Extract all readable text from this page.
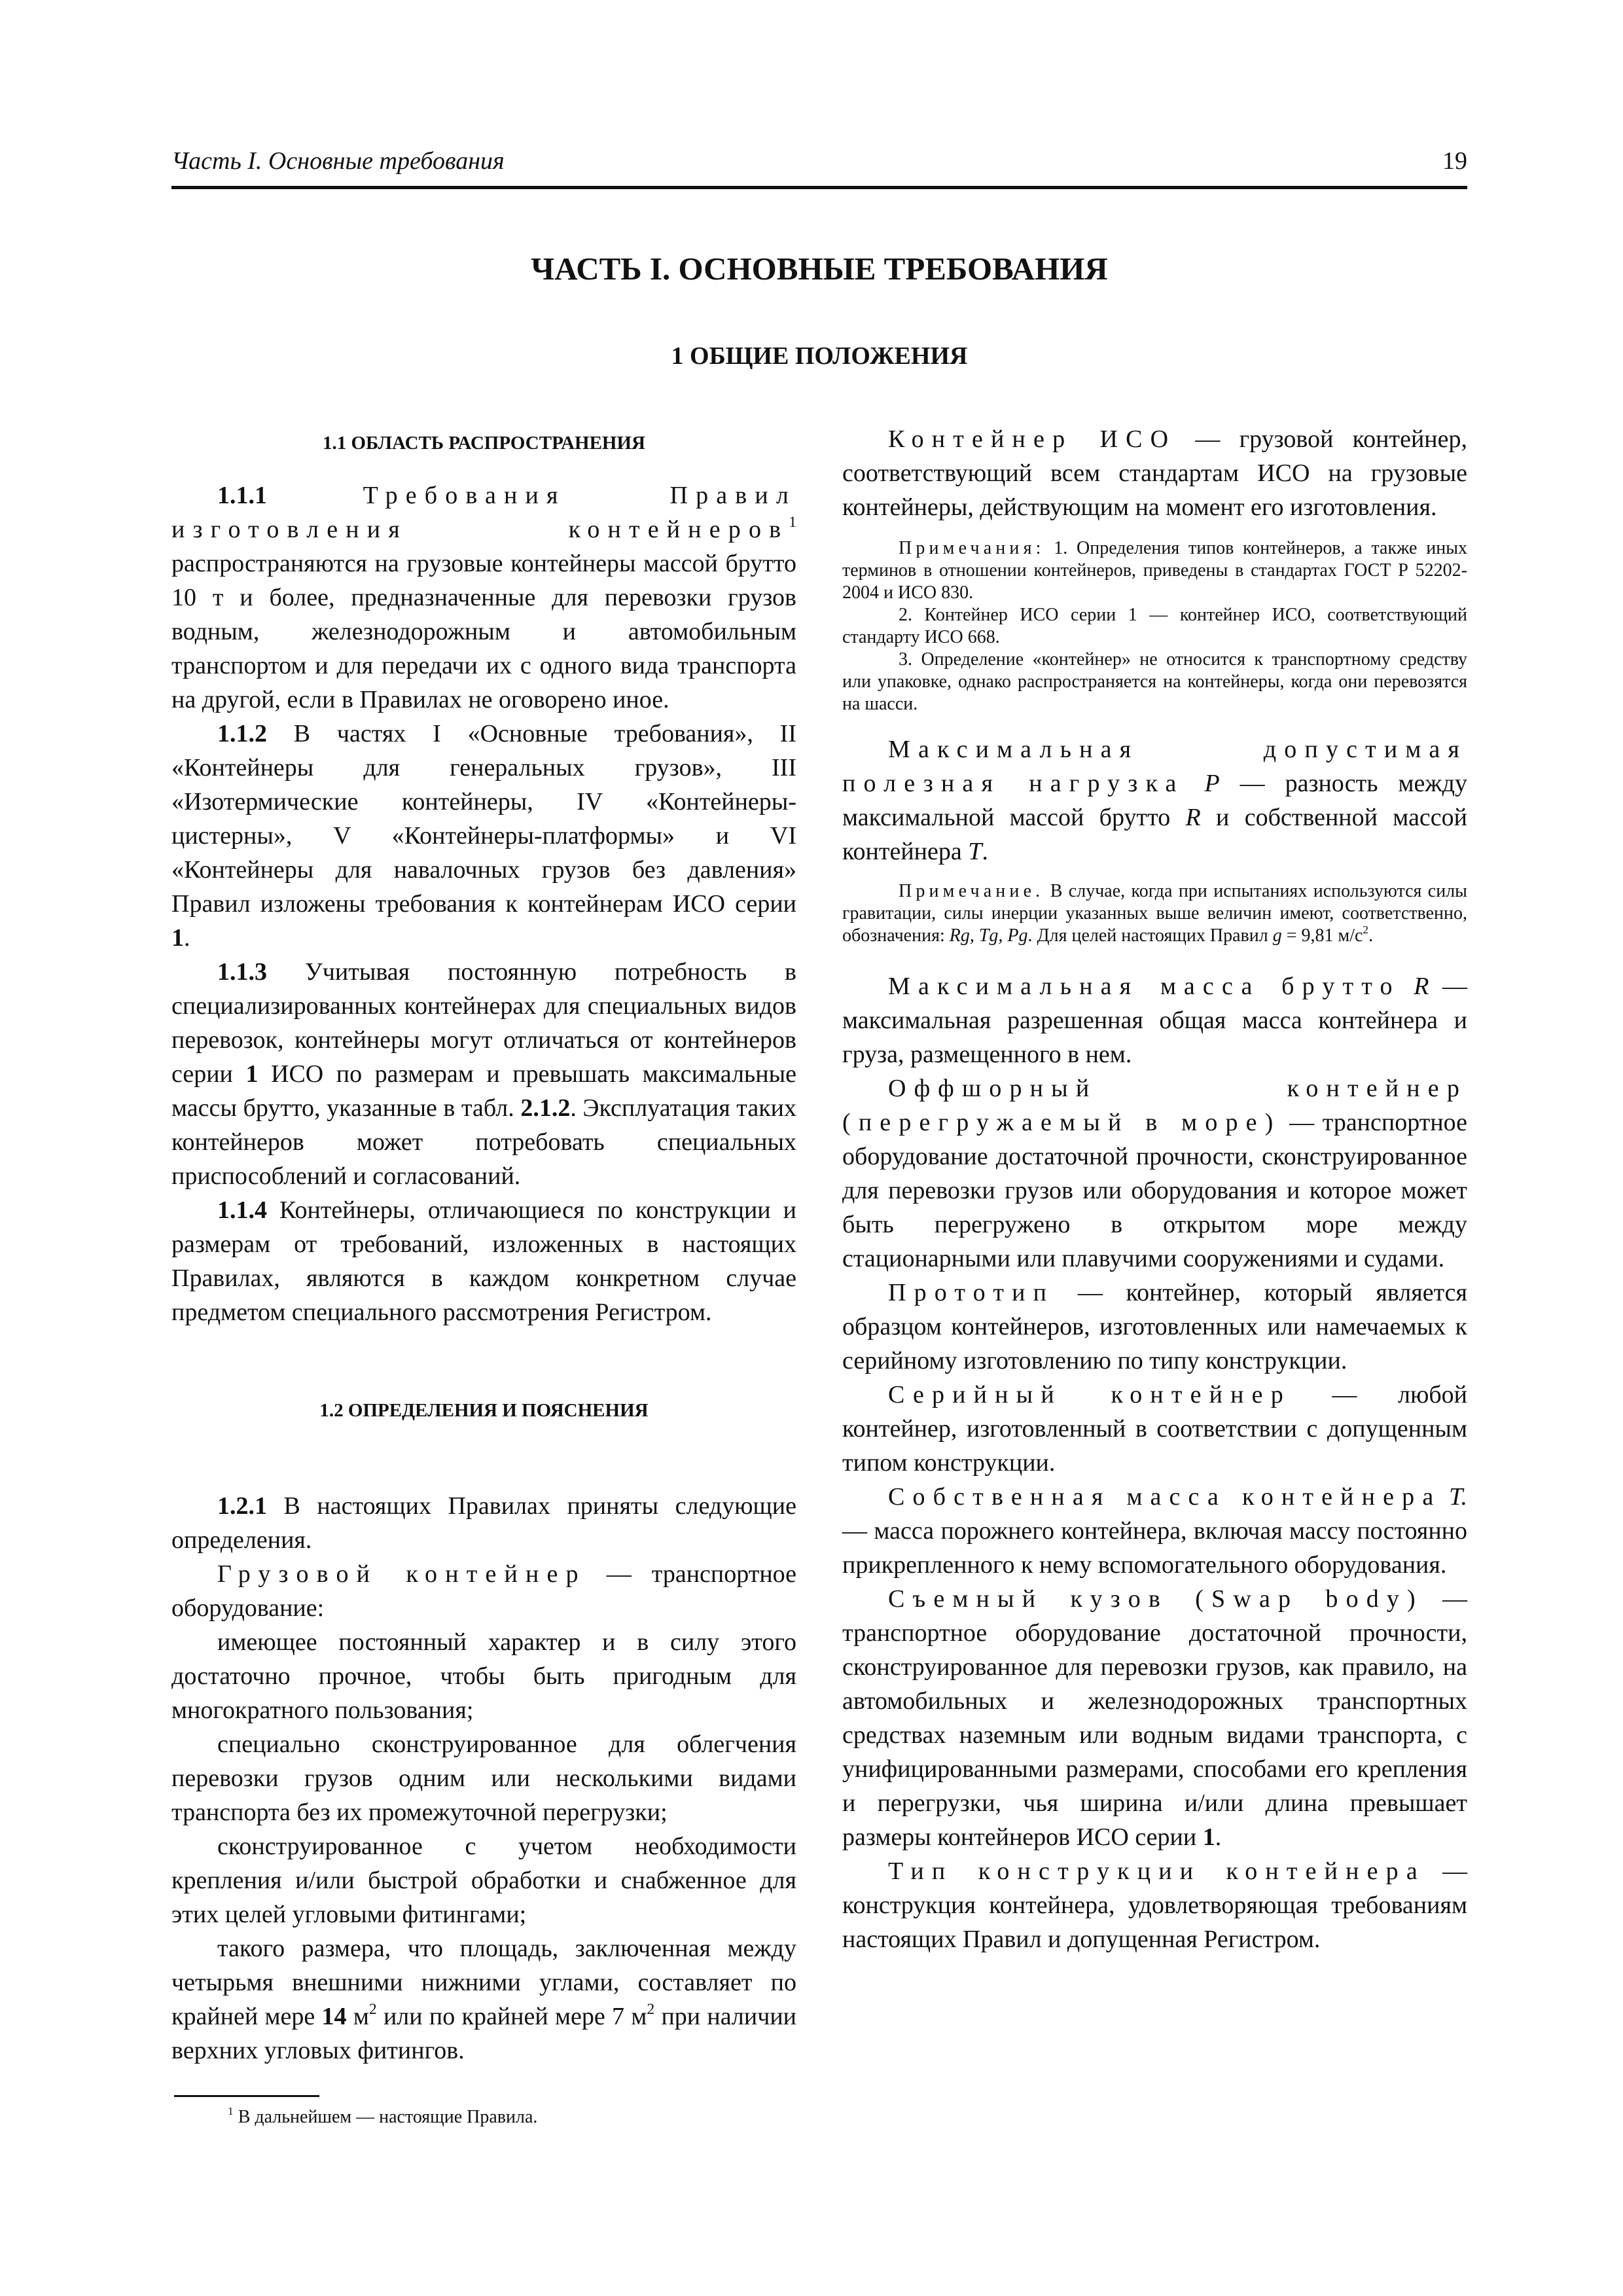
Часть I. Основные требования	19
ЧАСТЬ I. ОСНОВНЫЕ ТРЕБОВАНИЯ
1 ОБЩИЕ ПОЛОЖЕНИЯ

1.1 ОБЛАСТЬ РАСПРОСТРАНЕНИЯ

1.1.1	Требования Правил изготовления контейнеров$^1$ распространяются на грузовые контейнеры массой брутто 10 т и более, предназначенные для перевозки грузов водным, железнодорожным и автомобильным транспортом и для передачи их с одного вида транспорта на другой, если в Правилах не оговорено иное.

1.1.2 В частях I «Основные требования», II «Контейнеры для генеральных грузов», III «Изотермические контейнеры, IV «Контейнеры-цистерны», V «Контейнеры-платформы» и VI «Контейнеры для навалочных грузов без давления» Правил изложены требования к контейнерам ИСО серии 1.

1.1.3 Учитывая постоянную потребность в специализированных контейнерах для специальных видов перевозок, контейнеры могут отличаться от контейнеров серии 1 ИСО по размерам и превышать максимальные массы брутто, указанные в табл. 2.1.2. Эксплуатация таких контейнеров может потребовать специальных приспособлений и согласований.

1.1.4 Контейнеры, отличающиеся по конструкции и размерам от требований, изложенных в настоящих Правилах, являются в каждом конкретном случае предметом специального рассмотрения Регистром.

1.2 ОПРЕДЕЛЕНИЯ И ПОЯСНЕНИЯ

1.2.1 В настоящих Правилах приняты следующие определения.

Грузовой контейнер — транспортное оборудование:

имеющее постоянный характер и в силу этого достаточно прочное, чтобы быть пригодным для многократного пользования;

специально сконструированное для облегчения перевозки грузов одним или несколькими видами транспорта без их промежуточной перегрузки;

сконструированное с учетом необходимости крепления и/или быстрой обработки и снабженное для этих целей угловыми фитингами;

такого размера, что площадь, заключенная между четырьмя внешними нижними углами, составляет по крайней мере 14 $м^2$ или по крайней мере 7 $м^2$ при наличии верхних угловых фитингов.

$^1$ В дальнейшем — настоящие Правила.

Контейнер ИСО — грузовой контейнер, соответствующий всем стандартам ИСО на грузовые контейнеры, действующим на момент его изготовления.

Примечания: 1. Определения типов контейнеров, а также иных терминов в отношении контейнеров, приведены в стандартах ГОСТ Р 52202-2004 и ИСО 830.

2. Контейнер ИСО серии 1 — контейнер ИСО, соответствующий стандарту ИСО 668.

3. Определение «контейнер» не относится к транспортному средству или упаковке, однако распространяется на контейнеры, когда они перевозятся на шасси.

Максимальная допустимая полезная нагрузка P — разность между максимальной массой брутто R и собственной массой контейнера T.

Примечание. В случае, когда при испытаниях используются силы гравитации, силы инерции указанных выше величин имеют, соответственно, обозначения: Rg, Tg, Pg. Для целей настоящих Правил g = 9,81 $м/с^2$.

Максимальная масса брутто R — максимальная разрешенная общая масса контейнера и груза, размещенного в нем.

Оффшорный контейнер (перегружаемый в море) — транспортное оборудование достаточной прочности, сконструированное для перевозки грузов или оборудования и которое может быть перегружено в открытом море между стационарными или плавучими сооружениями и судами.

Прототип — контейнер, который является образцом контейнеров, изготовленных или намечаемых к серийному изготовлению по типу конструкции.

Серийный контейнер — любой контейнер, изготовленный в соответствии с допущенным типом конструкции.

Собственная масса контейнера T. — масса порожнего контейнера, включая массу постоянно прикрепленного к нему вспомогательного оборудования.

Съемный кузов (Swap body) — транспортное оборудование достаточной прочности, сконструированное для перевозки грузов, как правило, на автомобильных и железнодорожных транспортных средствах наземным или водным видами транспорта, с унифицированными размерами, способами его крепления и перегрузки, чья ширина и/или длина превышает размеры контейнеров ИСО серии 1.

Тип конструкции контейнера — конструкция контейнера, удовлетворяющая требованиям настоящих Правил и допущенная Регистром.
